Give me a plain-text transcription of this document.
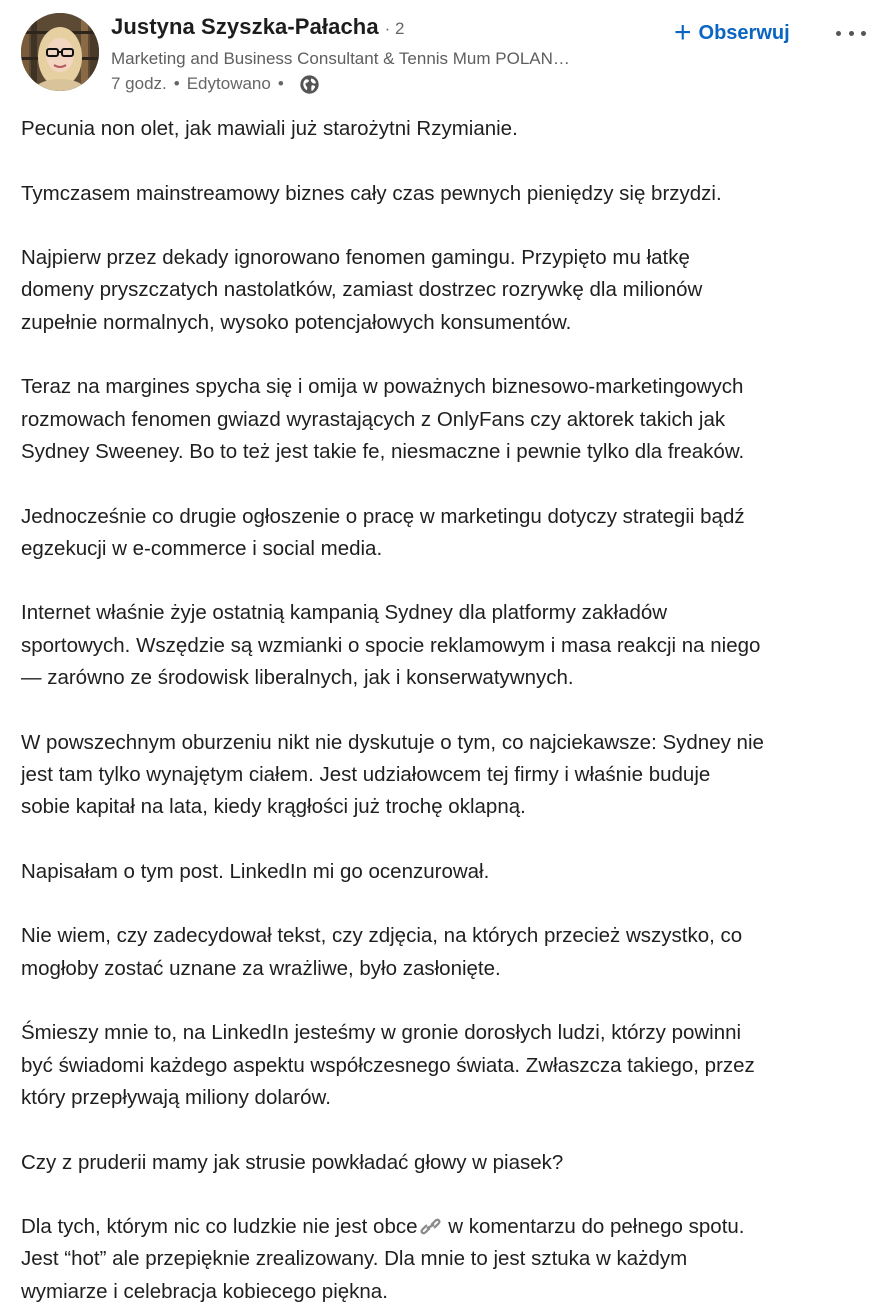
Justyna Szyszka-Pałacha · 2
Marketing and Business Consultant & Tennis Mum POLAN…
7 godz. • Edytowano •
+ Obserwuj

Pecunia non olet, jak mawiali już starożytni Rzymianie.

Tymczasem mainstreamowy biznes cały czas pewnych pieniędzy się brzydzi.

Najpierw przez dekady ignorowano fenomen gamingu. Przypięto mu łatkę
domeny pryszczatych nastolatków, zamiast dostrzec rozrywkę dla milionów
zupełnie normalnych, wysoko potencjałowych konsumentów.

Teraz na margines spycha się i omija w poważnych biznesowo-marketingowych
rozmowach fenomen gwiazd wyrastających z OnlyFans czy aktorek takich jak
Sydney Sweeney. Bo to też jest takie fe, niesmaczne i pewnie tylko dla freaków.

Jednocześnie co drugie ogłoszenie o pracę w marketingu dotyczy strategii bądź
egzekucji w e-commerce i social media.

Internet właśnie żyje ostatnią kampanią Sydney dla platformy zakładów
sportowych. Wszędzie są wzmianki o spocie reklamowym i masa reakcji na niego
— zarówno ze środowisk liberalnych, jak i konserwatywnych.

W powszechnym oburzeniu nikt nie dyskutuje o tym, co najciekawsze: Sydney nie
jest tam tylko wynajętym ciałem. Jest udziałowcem tej firmy i właśnie buduje
sobie kapitał na lata, kiedy krągłości już trochę oklapną.

Napisałam o tym post. LinkedIn mi go ocenzurował.

Nie wiem, czy zadecydował tekst, czy zdjęcia, na których przecież wszystko, co
mogłoby zostać uznane za wrażliwe, było zasłonięte.

Śmieszy mnie to, na LinkedIn jesteśmy w gronie dorosłych ludzi, którzy powinni
być świadomi każdego aspektu współczesnego świata. Zwłaszcza takiego, przez
który przepływają miliony dolarów.

Czy z pruderii mamy jak strusie powkładać głowy w piasek?

Dla tych, którym nic co ludzkie nie jest obce w komentarzu do pełnego spotu.
Jest “hot” ale przepięknie zrealizowany. Dla mnie to jest sztuka w każdym
wymiarze i celebracja kobiecego piękna.
